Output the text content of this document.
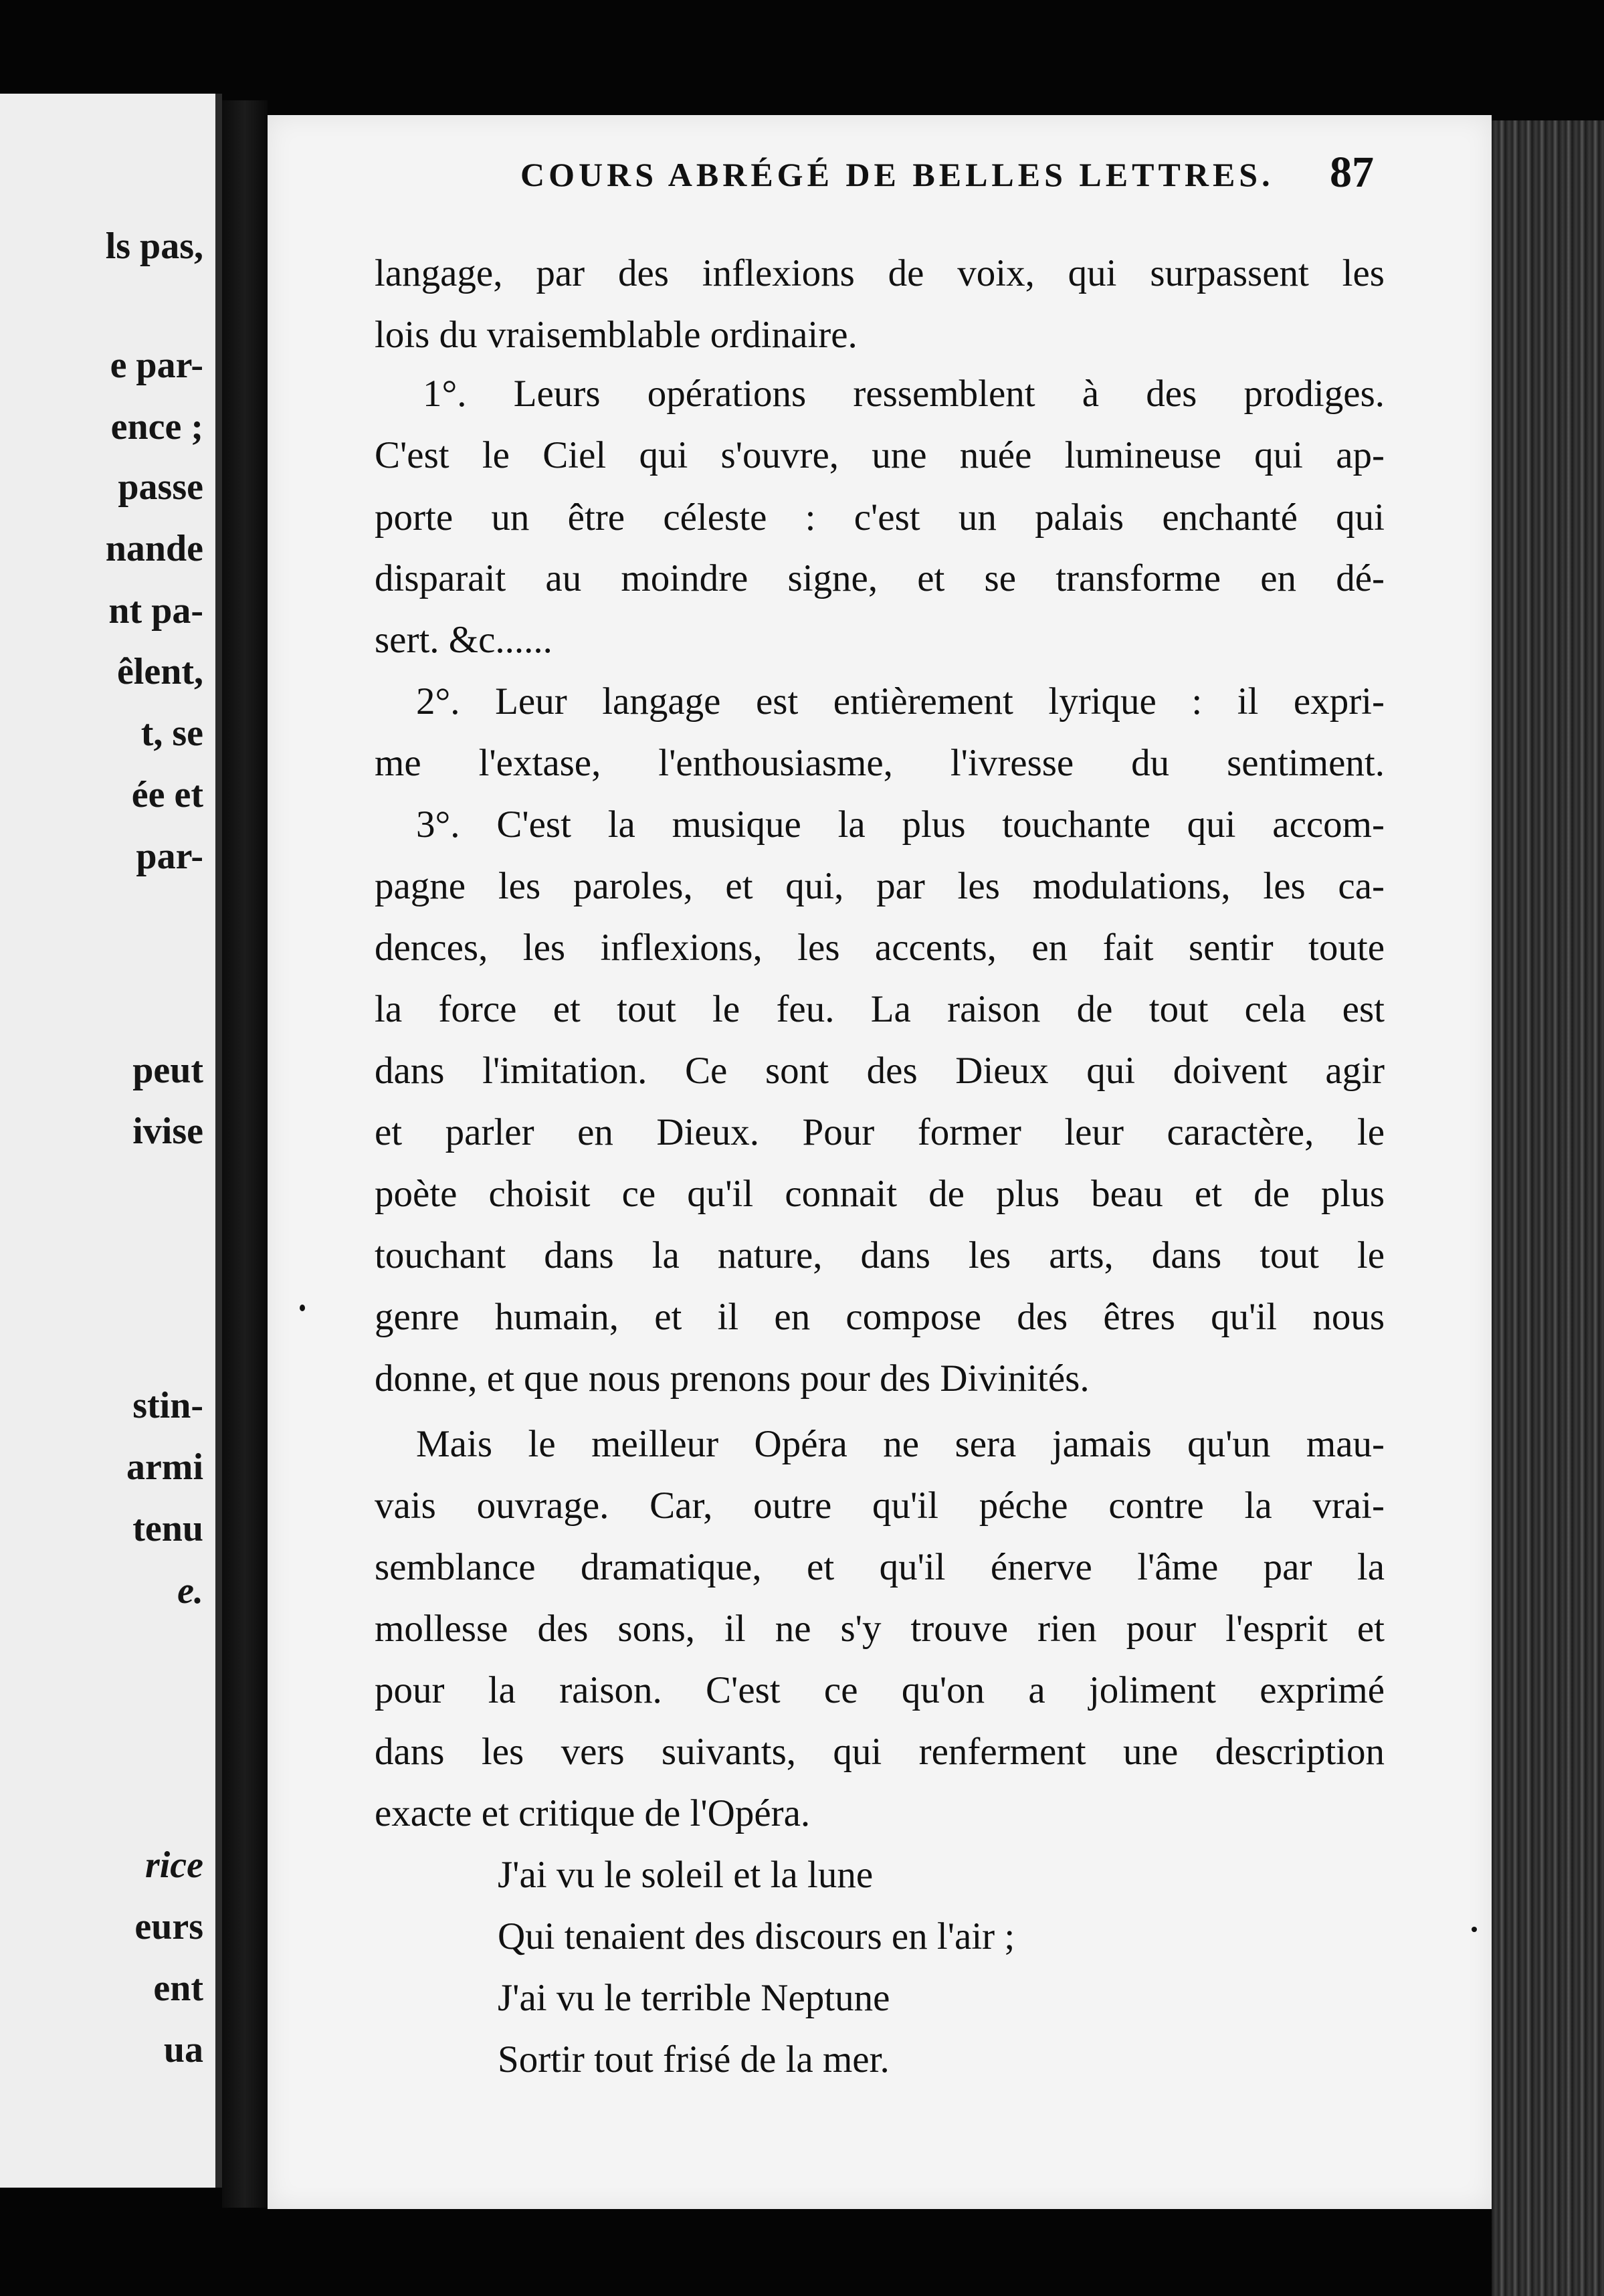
ls pas,
e par-
ence ;
passe
nande
nt pa-
êlent,
t, se
ée et
par-
peut
ivise
stin-
armi
tenu
e.
rice
eurs
ent
ua
COURS ABRÉGÉ DE BELLES LETTRES. 87
langage, par des inflexions de voix, qui surpassent les
lois du vraisemblable ordinaire.
1°. Leurs opérations ressemblent à des prodiges.
C'est le Ciel qui s'ouvre, une nuée lumineuse qui ap-
porte un être céleste : c'est un palais enchanté qui
disparait au moindre signe, et se transforme en dé-
sert. &c......
2°. Leur langage est entièrement lyrique : il expri-
me l'extase, l'enthousiasme, l'ivresse du sentiment.
3°. C'est la musique la plus touchante qui accom-
pagne les paroles, et qui, par les modulations, les ca-
dences, les inflexions, les accents, en fait sentir toute
la force et tout le feu. La raison de tout cela est
dans l'imitation. Ce sont des Dieux qui doivent agir
et parler en Dieux. Pour former leur caractère, le
poète choisit ce qu'il connait de plus beau et de plus
touchant dans la nature, dans les arts, dans tout le
genre humain, et il en compose des êtres qu'il nous
donne, et que nous prenons pour des Divinités.
Mais le meilleur Opéra ne sera jamais qu'un mau-
vais ouvrage. Car, outre qu'il péche contre la vrai-
semblance dramatique, et qu'il énerve l'âme par la
mollesse des sons, il ne s'y trouve rien pour l'esprit et
pour la raison. C'est ce qu'on a joliment exprimé
dans les vers suivants, qui renferment une description
exacte et critique de l'Opéra.
J'ai vu le soleil et la lune
Qui tenaient des discours en l'air ;
J'ai vu le terrible Neptune
Sortir tout frisé de la mer.
